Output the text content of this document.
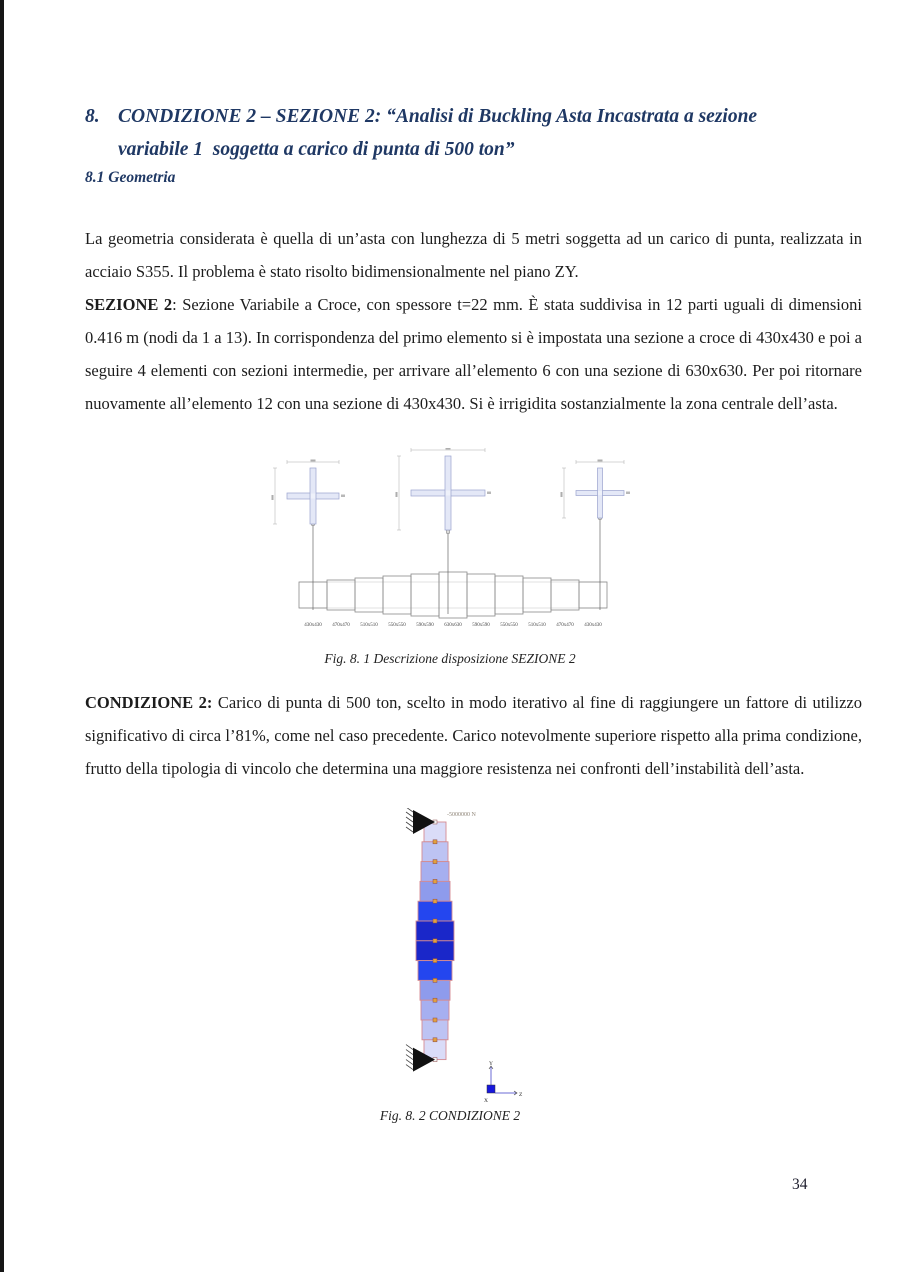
8. CONDIZIONE 2 – SEZIONE 2: “Analisi di Buckling Asta Incastrata a sezione
variabile 1  soggetta a carico di punta di 500 ton”
8.1 Geometria

La geometria considerata è quella di un’asta con lunghezza di 5 metri soggetta ad un carico di punta, realizzata in acciaio S355. Il problema è stato risolto bidimensionalmente nel piano ZY.

SEZIONE 2: Sezione Variabile a Croce, con spessore t=22 mm. È stata suddivisa in 12 parti uguali di dimensioni 0.416 m (nodi da 1 a 13). In corrispondenza del primo elemento si è impostata una sezione a croce di 430x430 e poi a seguire 4 elementi con sezioni intermedie, per arrivare all’elemento 6 con una sezione di 630x630. Per poi ritornare nuovamente all’elemento 12 con una sezione di 430x430. Si è irrigidita sostanzialmente la zona centrale dell’asta.

430x430 470x470 510x510 550x550 590x590 630x630 590x590 550x550 510x510 470x470 430x430
Fig. 8. 1 Descrizione disposizione SEZIONE 2

CONDIZIONE 2: Carico di punta di 500 ton, scelto in modo iterativo al fine di raggiungere un fattore di utilizzo significativo di circa l’81%, come nel caso precedente. Carico notevolmente superiore rispetto alla prima condizione, frutto della tipologia di vincolo che determina una maggiore resistenza nei confronti dell’instabilità dell’asta.

-5000000 N
Y
Z
X
Fig. 8. 2 CONDIZIONE 2
34
